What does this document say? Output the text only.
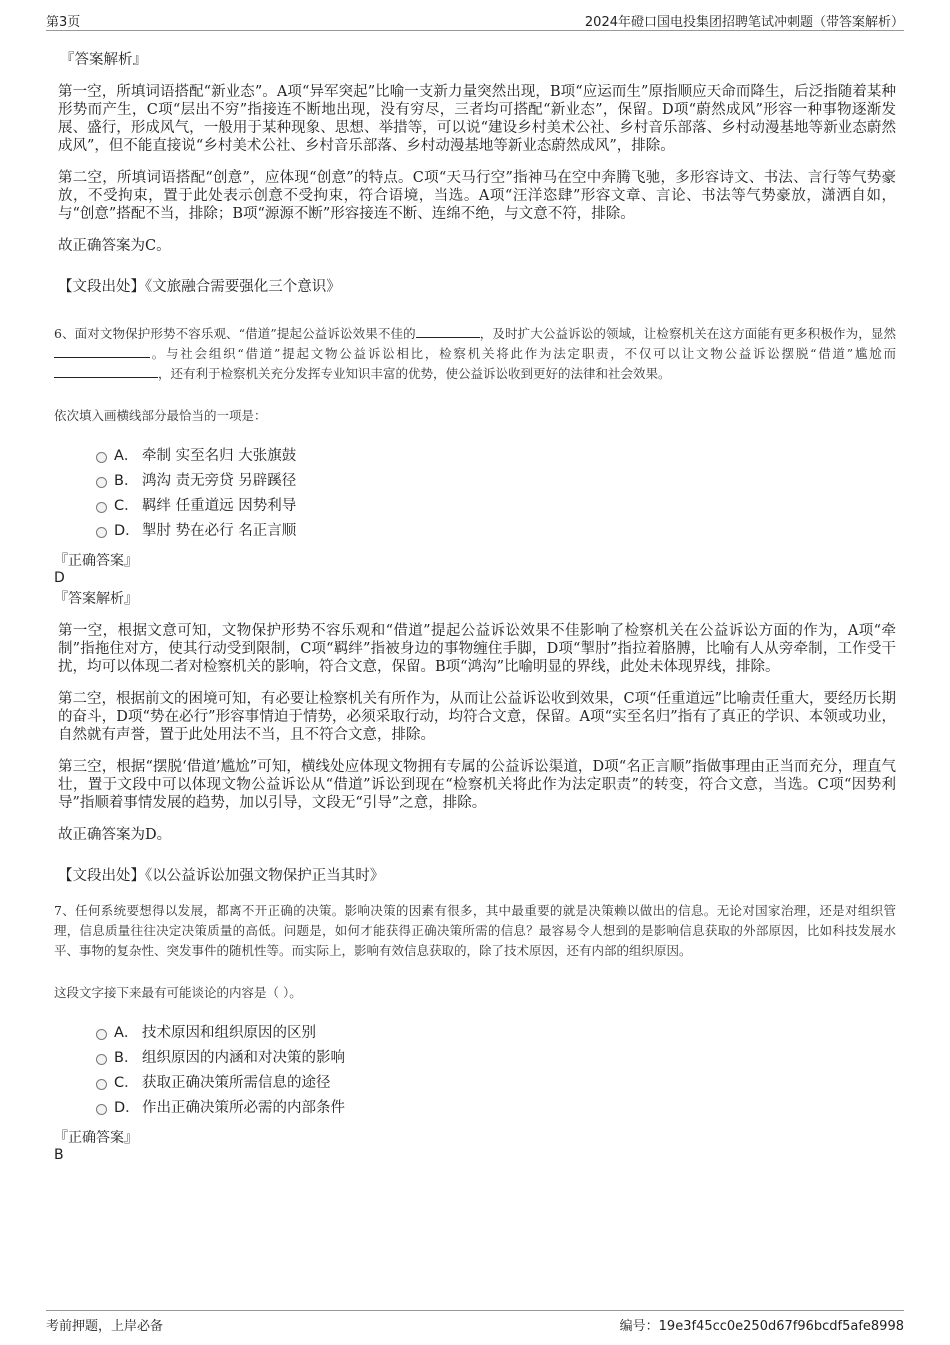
第3页	2024年磴口国电投集团招聘笔试冲刺题（带答案解析）
『答案解析』
第一空，所填词语搭配“新业态”。A项“异军突起”比喻一支新力量突然出现，B项“应运而生”原指顺应天命而降生，后泛指随着某种形势而产生，C项“层出不穷”指接连不断地出现，没有穷尽，三者均可搭配“新业态”，保留。D项“蔚然成风”形容一种事物逐渐发展、盛行，形成风气，一般用于某种现象、思想、举措等，可以说“建设乡村美术公社、乡村音乐部落、乡村动漫基地等新业态蔚然成风”，但不能直接说“乡村美术公社、乡村音乐部落、乡村动漫基地等新业态蔚然成风”，排除。
第二空，所填词语搭配“创意”，应体现“创意”的特点。C项“天马行空”指神马在空中奔腾飞驰，多形容诗文、书法、言行等气势豪放，不受拘束，置于此处表示创意不受拘束，符合语境，当选。A项“汪洋恣肆”形容文章、言论、书法等气势豪放，潇洒自如，与“创意”搭配不当，排除；B项“源源不断”形容接连不断、连绵不绝，与文意不符，排除。
故正确答案为C。
【文段出处】《文旅融合需要强化三个意识》
6、面对文物保护形势不容乐观、“借道”提起公益诉讼效果不佳的	，及时扩大公益诉讼的领域，让检察机关在这方面能有更多积极作为，显然。与社会组织“借道”提起文物公益诉讼相比，检察机关将此作为法定职责，不仅可以让文物公益诉讼摆脱“借道”尴尬而，还有利于检察机关充分发挥专业知识丰富的优势，使公益诉讼收到更好的法律和社会效果。
依次填入画横线部分最恰当的一项是：
A． 牵制 实至名归 大张旗鼓
B． 鸿沟 责无旁贷 另辟蹊径
C． 羁绊 任重道远 因势利导
D． 掣肘 势在必行 名正言顺
『正确答案』
D
『答案解析』
第一空，根据文意可知，文物保护形势不容乐观和“借道”提起公益诉讼效果不佳影响了检察机关在公益诉讼方面的作为，A项“牵制”指拖住对方，使其行动受到限制，C项“羁绊”指被身边的事物缠住手脚，D项“掣肘”指拉着胳膊，比喻有人从旁牵制，工作受干扰，均可以体现二者对检察机关的影响，符合文意，保留。B项“鸿沟”比喻明显的界线，此处未体现界线，排除。
第二空，根据前文的困境可知，有必要让检察机关有所作为，从而让公益诉讼收到效果，C项“任重道远”比喻责任重大，要经历长期的奋斗，D项“势在必行”形容事情迫于情势，必须采取行动，均符合文意，保留。A项“实至名归”指有了真正的学识、本领或功业，自然就有声誉，置于此处用法不当，且不符合文意，排除。
第三空，根据“摆脱‘借道’尴尬”可知，横线处应体现文物拥有专属的公益诉讼渠道，D项“名正言顺”指做事理由正当而充分，理直气壮，置于文段中可以体现文物公益诉讼从“借道”诉讼到现在“检察机关将此作为法定职责”的转变，符合文意，当选。C项“因势利导”指顺着事情发展的趋势，加以引导，文段无“引导”之意，排除。
故正确答案为D。
【文段出处】《以公益诉讼加强文物保护正当其时》
7、任何系统要想得以发展，都离不开正确的决策。影响决策的因素有很多，其中最重要的就是决策赖以做出的信息。无论对国家治理，还是对组织管理，信息质量往往决定决策质量的高低。问题是，如何才能获得正确决策所需的信息？最容易令人想到的是影响信息获取的外部原因，比如科技发展水平、事物的复杂性、突发事件的随机性等。而实际上，影响有效信息获取的，除了技术原因，还有内部的组织原因。
这段文字接下来最有可能谈论的内容是（ ）。
A． 技术原因和组织原因的区别
B． 组织原因的内涵和对决策的影响
C． 获取正确决策所需信息的途径
D． 作出正确决策所必需的内部条件
『正确答案』
B
考前押题，上岸必备	编号：19e3f45cc0e250d67f96bcdf5afe8998
